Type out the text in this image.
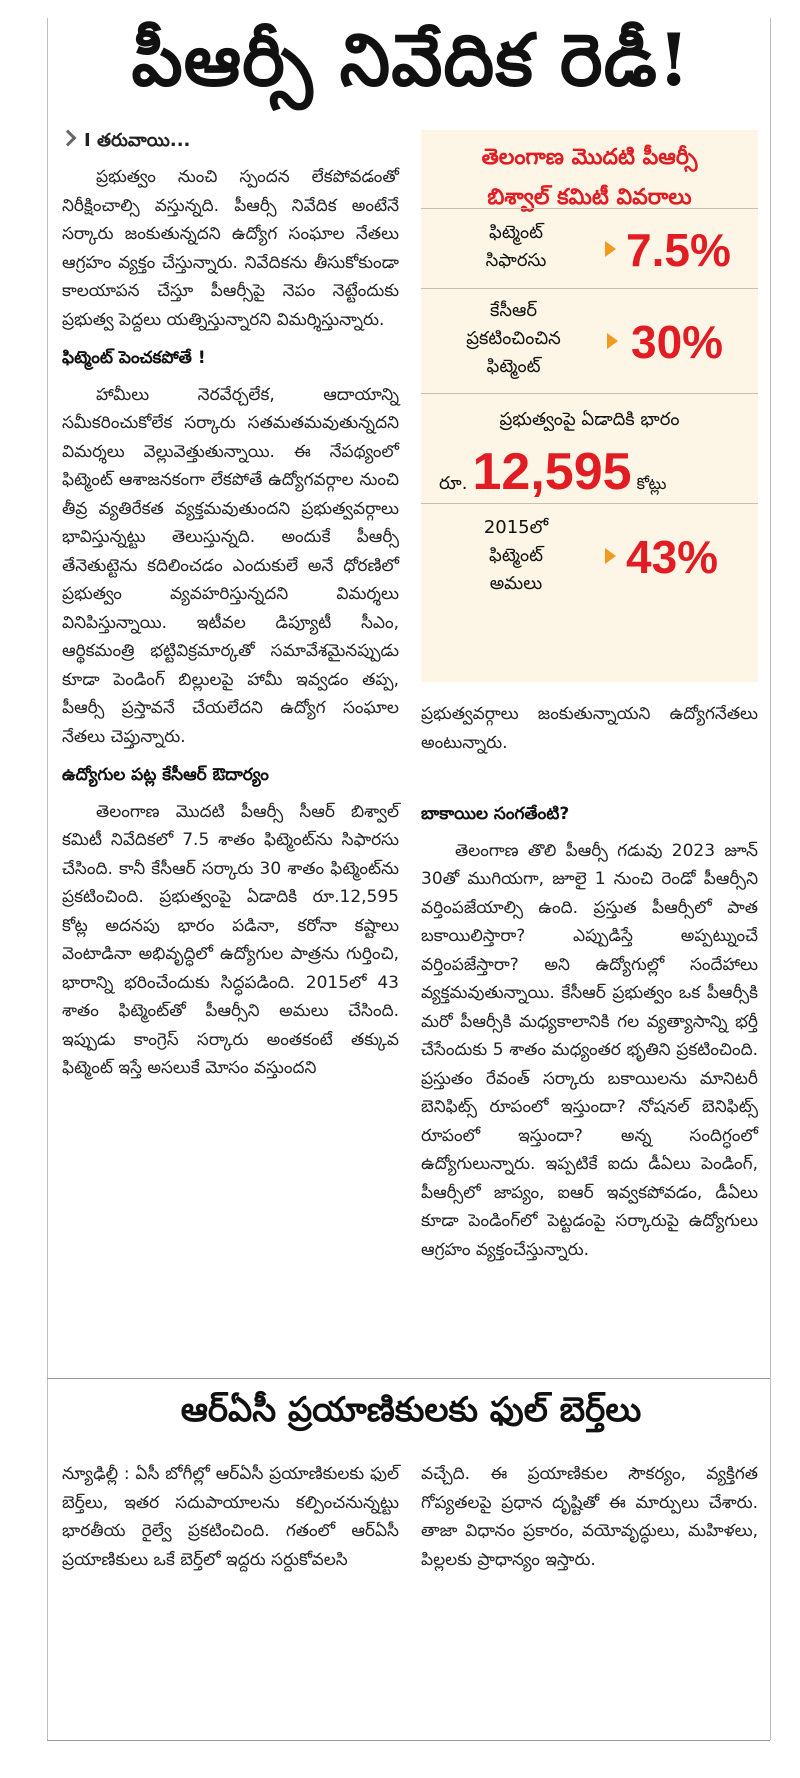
పీఆర్సీ నివేదిక రెడీ!
I తరువాయి...

ప్రభుత్వం నుంచి స్పందన లేకపోవడంతో నిరీక్షించాల్సి వస్తున్నది. పీఆర్సీ నివేదిక అంటేనే సర్కారు జంకుతున్నదని ఉద్యోగ సంఘాల నేతలు ఆగ్రహం వ్యక్తం చేస్తున్నారు. నివేదికను తీసుకోకుండా కాలయాపన చేస్తూ పీఆర్సీపై నెపం నెట్టేందుకు ప్రభుత్వ పెద్దలు యత్నిస్తున్నారని విమర్శిస్తున్నారు.

ఫిట్మెంట్ పెంచకపోతే !

హామీలు నెరవేర్చలేక, ఆదాయాన్ని సమీకరించుకోలేక సర్కారు సతమతమవుతున్నదని విమర్శలు వెల్లువెత్తుతున్నాయి. ఈ నేపథ్యంలో ఫిట్మెంట్ ఆశాజనకంగా లేకపోతే ఉద్యోగవర్గాల నుంచి తీవ్ర వ్యతిరేకత వ్యక్తమవుతుందని ప్రభుత్వవర్గాలు భావిస్తున్నట్టు తెలుస్తున్నది. అందుకే పీఆర్సీ తేనెతుట్టెను కదిలించడం ఎందుకులే అనే ధోరణిలో ప్రభుత్వం వ్యవహరిస్తున్నదని విమర్శలు వినిపిస్తున్నాయి. ఇటీవల డిప్యూటీ సీఎం, ఆర్థికమంత్రి భట్టివిక్రమార్కతో సమావేశమైనప్పుడు కూడా పెండింగ్ బిల్లులపై హామీ ఇవ్వడం తప్ప, పీఆర్సీ ప్రస్తావనే చేయలేదని ఉద్యోగ సంఘాల నేతలు చెప్తున్నారు.

ఉద్యోగుల పట్ల కేసీఆర్ ఔదార్యం

తెలంగాణ మొదటి పీఆర్సీ సీఆర్ బిశ్వాల్ కమిటీ నివేదికలో 7.5 శాతం ఫిట్మెంట్‌ను సిఫారసు చేసింది. కానీ కేసీఆర్ సర్కారు 30 శాతం ఫిట్మెంట్‌ను ప్రకటించింది. ప్రభుత్వంపై ఏడాదికి రూ.12,595 కోట్ల అదనపు భారం పడినా, కరోనా కష్టాలు వెంటాడినా అభివృద్ధిలో ఉద్యోగుల పాత్రను గుర్తించి, భారాన్ని భరించేందుకు సిద్ధపడింది. 2015లో 43 శాతం ఫిట్మెంట్‌తో పీఆర్సీని అమలు చేసింది. ఇప్పుడు కాంగ్రెస్ సర్కారు అంతకంటే తక్కువ ఫిట్మెంట్ ఇస్తే అసలుకే మోసం వస్తుందని

తెలంగాణ మొదటి పీఆర్సీ
బిశ్వాల్ కమిటీ వివరాలు
ఫిట్మెంట్
సిఫారసు	7.5%
కేసీఆర్
ప్రకటించించిన
ఫిట్మెంట్	30%
ప్రభుత్వంపై ఏడాదికి భారం
రూ. 12,595 కోట్లు
2015లో
ఫిట్మెంట్
అమలు
43%

ప్రభుత్వవర్గాలు జంకుతున్నాయని ఉద్యోగనేతలు అంటున్నారు.

బాకాయిల సంగతేంటి?

తెలంగాణ తొలి పీఆర్సీ గడువు 2023 జూన్ 30తో ముగియగా, జూలై 1 నుంచి రెండో పీఆర్సీని వర్తింపజేయాల్సి ఉంది. ప్రస్తుత పీఆర్సీలో పాత బకాయిలిస్తారా? ఎప్పుడిస్తే అప్పట్నుంచే వర్తింపజేస్తారా? అని ఉద్యోగుల్లో సందేహాలు వ్యక్తమవుతున్నాయి. కేసీఆర్ ప్రభుత్వం ఒక పీఆర్సీకి మరో పీఆర్సీకి మధ్యకాలానికి గల వ్యత్యాసాన్ని భర్తీ చేసేందుకు 5 శాతం మధ్యంతర భృతిని ప్రకటించింది. ప్రస్తుతం రేవంత్ సర్కారు బకాయిలను మానిటరీ బెనిఫిట్స్ రూపంలో ఇస్తుందా? నోషనల్ బెనిఫిట్స్ రూపంలో ఇస్తుందా? అన్న సందిగ్ధంలో ఉద్యోగులున్నారు. ఇప్పటికే ఐదు డీఏలు పెండింగ్, పీఆర్సీలో జాప్యం, ఐఆర్ ఇవ్వకపోవడం, డీఏలు కూడా పెండింగ్‌లో పెట్టడంపై సర్కారుపై ఉద్యోగులు ఆగ్రహం వ్యక్తంచేస్తున్నారు.

ఆర్ఏసీ ప్రయాణికులకు ఫుల్ బెర్త్‌లు

న్యూఢిల్లీ : ఏసీ బోగీల్లో ఆర్ఏసీ ప్రయాణికులకు ఫుల్ బెర్త్‌లు, ఇతర సదుపాయాలను కల్పించనున్నట్టు భారతీయ రైల్వే ప్రకటించింది. గతంలో ఆర్ఏసీ ప్రయాణికులు ఒకే బెర్త్‌లో ఇద్దరు సర్దుకోవలసి

వచ్చేది. ఈ ప్రయాణికుల సౌకర్యం, వ్యక్తిగత గోప్యతలపై ప్రధాన దృష్టితో ఈ మార్పులు చేశారు. తాజా విధానం ప్రకారం, వయోవృద్ధులు, మహిళలు, పిల్లలకు ప్రాధాన్యం ఇస్తారు.
